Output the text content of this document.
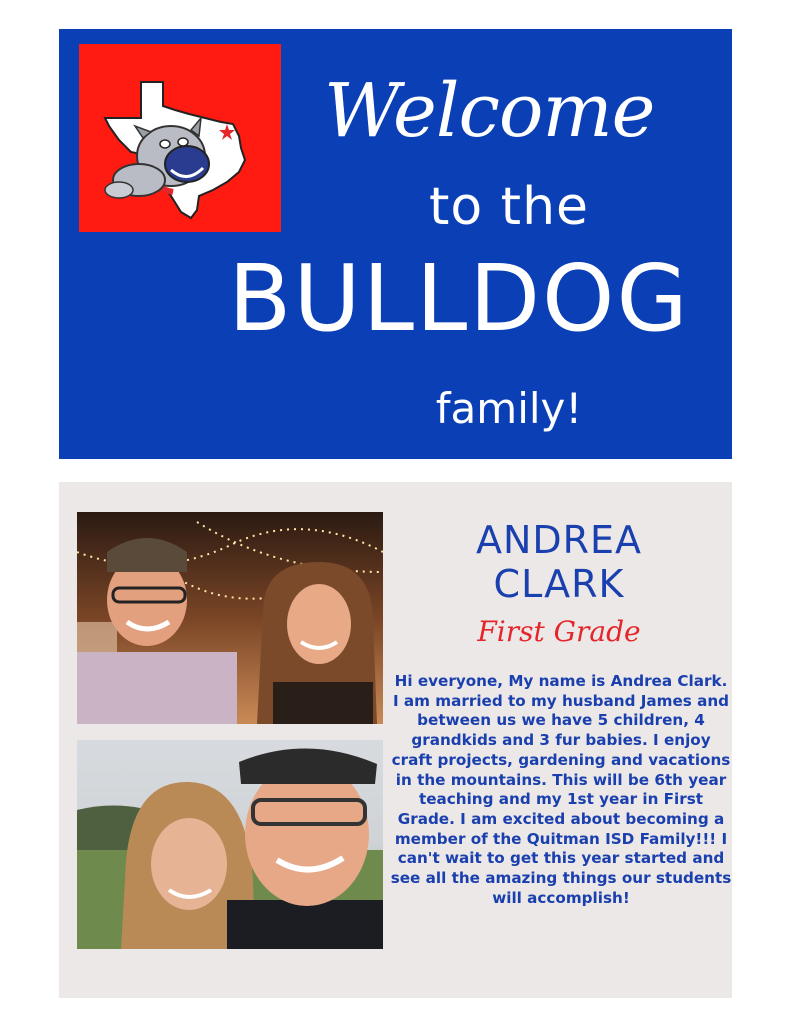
Welcome
to the
BULLDOG
family!
ANDREA
CLARK
First Grade
Hi everyone, My name is Andrea Clark. I am married to my husband James and between us we have 5 children, 4 grandkids and 3 fur babies. I enjoy craft projects, gardening and vacations in the mountains. This will be 6th year teaching and my 1st year in First Grade. I am excited about becoming a member of the Quitman ISD Family!!! I can't wait to get this year started and see all the amazing things our students will accomplish!
